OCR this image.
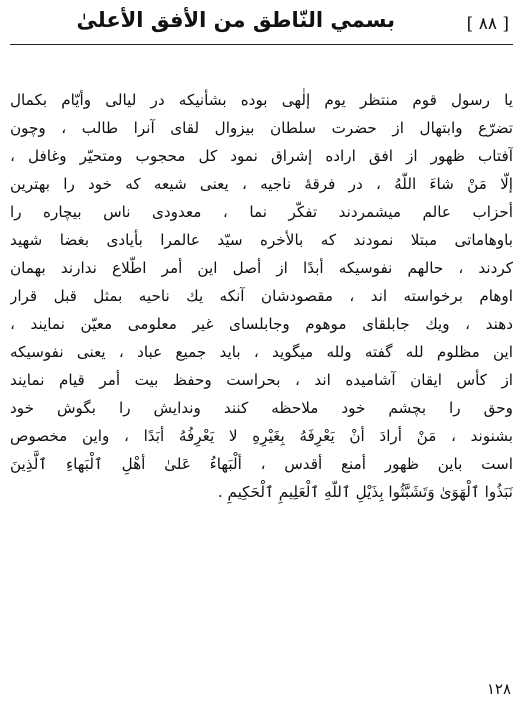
[ ٨٨ ]
بسمي النّاطق من الأفق الأعلیٰ
یا رسول قوم منتظر یوم إلٰهی بوده بشأنیکه در لیالی وأیّام بکمال
تضرّع وابتهال از حضرت سلطان بیزوال لقای آنرا طالب ، وچون
آفتاب ظهور از افق اراده إشراق نمود کل محجوب ومتحیّر وغافل ،
إلّا مَنْ شاءَ اللّهُ ، در فرقهٔ ناجیه ، یعنی شیعه که خود را بهترین
أحزاب عالم میشمردند تفکّر نما ، معدودی ناس بیچاره را
باوهاماتی مبتلا نمودند که بالأخره سیّد عالمرا بأیادی بغضا شهید
کردند ، حالهم نفوسیکه أبدًا از أصل این أمر اطّلاع ندارند بهمان
اوهام برخواسته اند ، مقصودشان آنکه یك ناحیه بمثل قبل قرار
دهند ، ویك جابلقای موهوم وجابلسای غیر معلومی معیّن نمایند ،
این مظلوم لله گفته ولله میگوید ، باید جمیع عباد ، یعنی نفوسیکه
از کأس ایقان آشامیده اند ، بحراست وحفظ بیت أمر قیام نمایند
وحق را بچشم خود ملاحظه کنند وندایش را بگوش خود
بشنوند ، مَنْ أرادَ أنْ یَعْرِفَهُ بِغَیْرِهِ لا یَعْرِفُهُ أبَدًا ، واین مخصوص
است باین ظهور أمنع أقدس ، ألْبَهاءُ عَلیٰ أهْلِ ٱلْبَهاءِ ٱلَّذِینَ
نَبَذُوا ٱلْهَوَیٰ وَتَشَبَّثُوا بِذَیْلِ ٱللّهِ ٱلْعَلِیمِ ٱلْحَکِیمِ .
١٢٨
